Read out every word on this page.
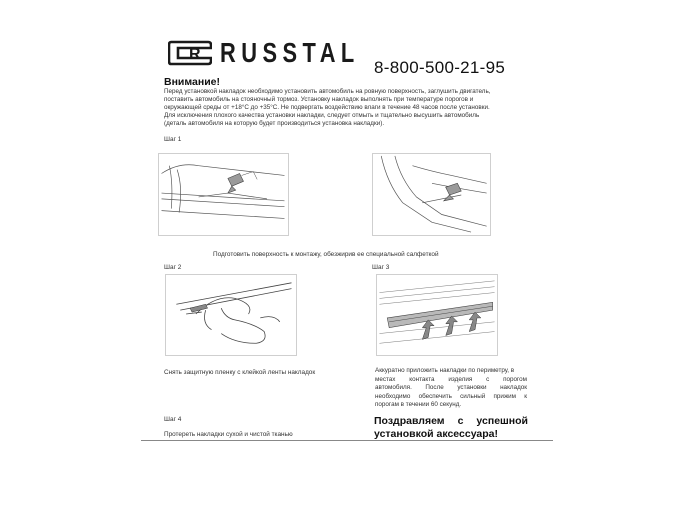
R RUSSTAL 8-800-500-21-95
Внимание!
Перед установкой накладок необходимо установить автомобиль на ровную поверхность, заглушить двигатель,
поставить автомобиль на стояночный тормоз. Установку накладок выполнять при температуре порогов и
окружающей среды от +18°С до +35°С. Не подвергать воздействию влаги в течение 48 часов после установки.
Для исключения плохого качества установки накладки, следует отмыть и тщательно высушить автомобиль
(деталь автомобиля на которую будет производиться установка накладки).
Шаг 1
Подготовить поверхность к монтажу, обезжирив ее специальной салфеткой
Шаг 2
Снять защитную пленку с клейкой ленты накладок
Шаг 3
Аккуратно приложить накладки по периметру, в
местах контакта изделия с порогом
автомобиля. После установки накладок
необходимо обеспечить сильный прижим к
порогам в течении 60 секунд.
Шаг 4
Протереть накладки сухой и чистой тканью
Поздравляем с успешной
установкой аксессуара!
